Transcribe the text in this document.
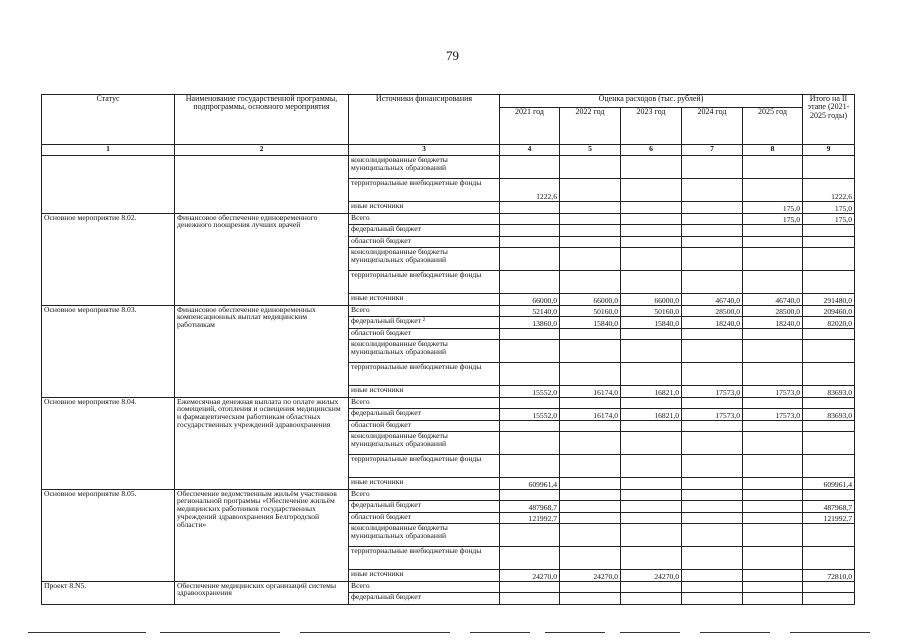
79
Статус	Наименование государственной программы, подпрограммы, основного мероприятия	Источники финансирования	Оценка расходов (тыс. рублей)					Итого на II этапе (2021-2025 годы)
			2021 год	2022 год	2023 год	2024 год	2025 год	
1	2	3	4	5	6	7	8	9
		консолидированные бюджеты муниципальных образований						
		территориальные внебюджетные фонды	1222,6					1222,6
		иные источники					175,0	175,0
Основное мероприятие 8.02.	Финансовое обеспечение единовременного денежного поощрения лучших врачей	Всего					175,0	175,0
		федеральный бюджет						
		областной бюджет						
		консолидированные бюджеты муниципальных образований						
		территориальные внебюджетные фонды						
		иные источники	66000,0	66000,0	66000,0	46740,0	46740,0	291480,0
Основное мероприятие 8.03.	Финансовое обеспечение единовременных компенсационных выплат медицинским работникам	Всего	52140,0	50160,0	50160,0	28500,0	28500,0	209460,0
		федеральный бюджет ²	13860,0	15840,0	15840,0	18240,0	18240,0	82020,0
		областной бюджет						
		консолидированные бюджеты муниципальных образований						
		территориальные внебюджетные фонды						
		иные источники	15552,0	16174,0	16821,0	17573,0	17573,0	83693,0
Основное мероприятие 8.04.	Ежемесячная денежная выплата по оплате жилых помещений, отопления и освещения медицинским и фармацевтическим работникам областных государственных учреждений здравоохранения	Всего						
		федеральный бюджет	15552,0	16174,0	16821,0	17573,0	17573,0	83693,0
		областной бюджет						
		консолидированные бюджеты муниципальных образований						
		территориальные внебюджетные фонды						
		иные источники	609961,4					609961,4
Основное мероприятие 8.05.	Обеспечение ведомственным жильём участников региональной программы «Обеспечение жильём медицинских работников государственных учреждений здравоохранения Белгородской области»	Всего						
		федеральный бюджет	487968,7					487968,7
		областной бюджет	121992,7					121992,7
		консолидированные бюджеты муниципальных образований						
		территориальные внебюджетные фонды						
		иные источники	24270,0	24270,0	24270,0			72810,0
Проект 8.N5.	Обеспечение медицинских организаций системы здравоохранения	Всего						
		федеральный бюджет						
